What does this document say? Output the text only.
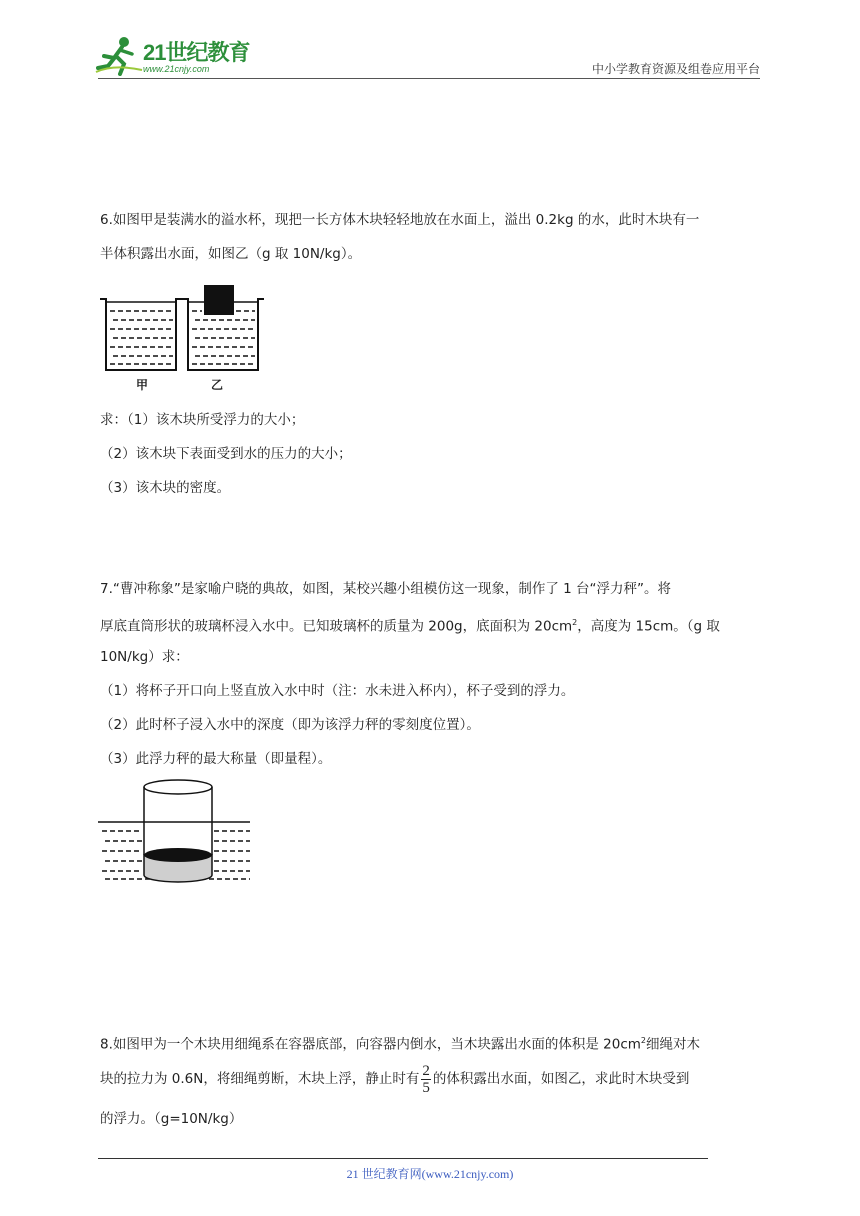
21世纪教育
www.21cnjy.com	中小学教育资源及组卷应用平台
6.如图甲是装满水的溢水杯，现把一长方体木块轻轻地放在水面上，溢出 0.2kg 的水，此时木块有一
半体积露出水面，如图乙（g 取 10N/kg）。
甲	乙
求：（1）该木块所受浮力的大小；
（2）该木块下表面受到水的压力的大小；
（3）该木块的密度。
7.“曹冲称象”是家喻户晓的典故，如图，某校兴趣小组模仿这一现象，制作了 1 台“浮力秤”。将
厚底直筒形状的玻璃杯浸入水中。已知玻璃杯的质量为 200g，底面积为 $20cm^2$，高度为 15cm。（g 取
10N/kg）求：
（1）将杯子开口向上竖直放入水中时（注：水未进入杯内），杯子受到的浮力。
（2）此时杯子浸入水中的深度（即为该浮力秤的零刻度位置）。
（3）此浮力秤的最大称量（即量程）。
8.如图甲为一个木块用细绳系在容器底部，向容器内倒水，当木块露出水面的体积是 $20cm^2$细绳对木
块的拉力为 0.6N，将细绳剪断，木块上浮，静止时有 $\frac{2}{5}$ 的体积露出水面，如图乙，求此时木块受到
的浮力。（g=10N/kg）
21 世纪教育网(www.21cnjy.com)
